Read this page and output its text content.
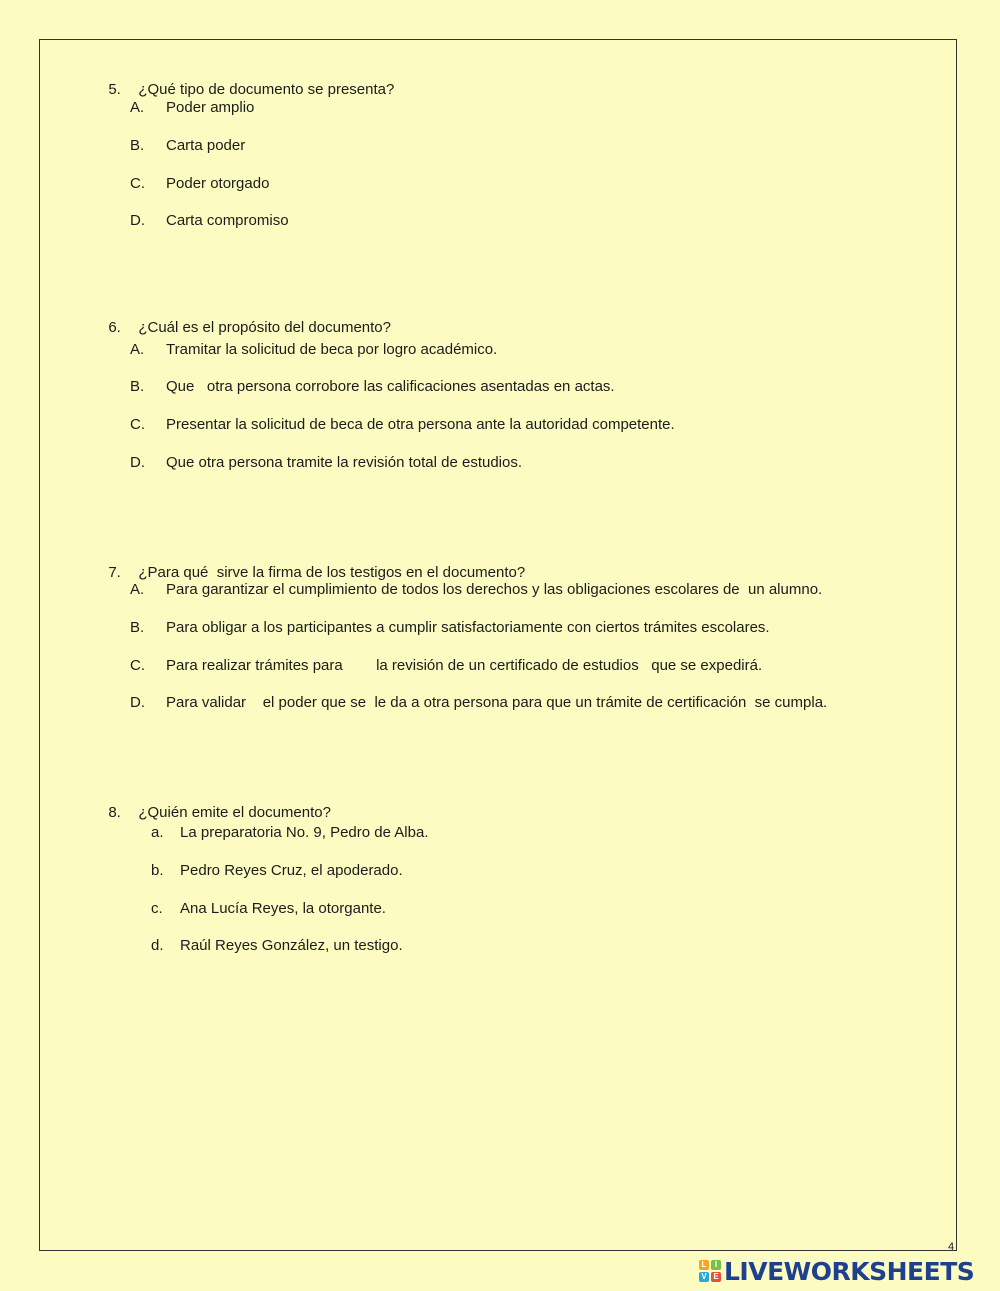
5. ¿Qué tipo de documento se presenta?

A. Poder amplio
B. Carta poder
C. Poder otorgado
D. Carta compromiso

6. ¿Cuál es el propósito del documento?

A. Tramitar la solicitud de beca por logro académico.
B. Que   otra persona corrobore las calificaciones asentadas en actas.
C. Presentar la solicitud de beca de otra persona ante la autoridad competente.
D. Que otra persona tramite la revisión total de estudios.

7. ¿Para qué  sirve la firma de los testigos en el documento?

A. Para garantizar el cumplimiento de todos los derechos y las obligaciones escolares de  un alumno.
B. Para obligar a los participantes a cumplir satisfactoriamente con ciertos trámites escolares.
C. Para realizar trámites para        la revisión de un certificado de estudios   que se expedirá.
D. Para validar    el poder que se  le da a otra persona para que un trámite de certificación  se cumpla.

8. ¿Quién emite el documento?

a. La preparatoria No. 9, Pedro de Alba.
b. Pedro Reyes Cruz, el apoderado.
c. Ana Lucía Reyes, la otorgante.
d. Raúl Reyes González, un testigo.
4
L	I
V E LIVEWORKSHEETS
